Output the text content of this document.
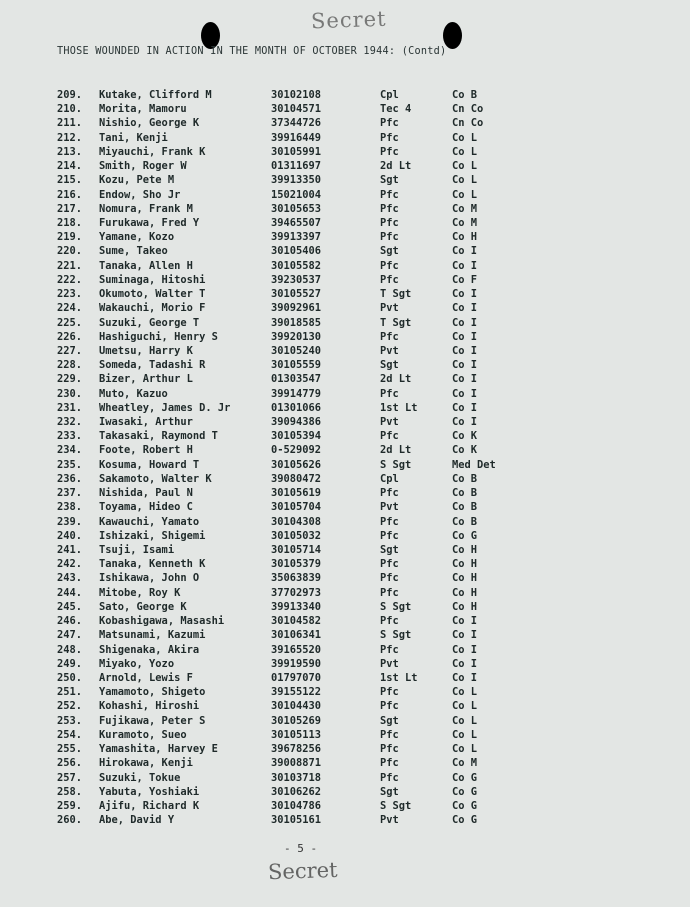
Secret
THOSE WOUNDED IN ACTION IN THE MONTH OF OCTOBER 1944: (Contd)
209. Kutake, Clifford M	30102108	Cpl	Co B
210. Morita, Mamoru	30104571	Tec 4	Cn Co
211. Nishio, George K	37344726	Pfc	Cn Co
212. Tani, Kenji	39916449	Pfc	Co L
213. Miyauchi, Frank K	30105991	Pfc	Co L
214. Smith, Roger W	01311697	2d Lt	Co L
215. Kozu, Pete M	39913350	Sgt	Co L
216. Endow, Sho Jr	15021004	Pfc	Co L
217. Nomura, Frank M	30105653	Pfc	Co M
218. Furukawa, Fred Y	39465507	Pfc	Co M
219. Yamane, Kozo	39913397	Pfc	Co H
220. Sume, Takeo	30105406	Sgt	Co I
221. Tanaka, Allen H	30105582	Pfc	Co I
222. Suminaga, Hitoshi	39230537	Pfc	Co F
223. Okumoto, Walter T	30105527	T Sgt	Co I
224. Wakauchi, Morio F	39092961	Pvt	Co I
225. Suzuki, George T	39018585	T Sgt	Co I
226. Hashiguchi, Henry S	39920130	Pfc	Co I
227. Umetsu, Harry K	30105240	Pvt	Co I
228. Someda, Tadashi R	30105559	Sgt	Co I
229. Bizer, Arthur L	01303547	2d Lt	Co I
230. Muto, Kazuo	39914779	Pfc	Co I
231. Wheatley, James D. Jr	01301066	1st Lt	Co I
232. Iwasaki, Arthur	39094386	Pvt	Co I
233. Takasaki, Raymond T	30105394	Pfc	Co K
234. Foote, Robert H	0-529092	2d Lt	Co K
235. Kosuma, Howard T	30105626	S Sgt	Med Det
236. Sakamoto, Walter K	39080472	Cpl	Co B
237. Nishida, Paul N	30105619	Pfc	Co B
238. Toyama, Hideo C	30105704	Pvt	Co B
239. Kawauchi, Yamato	30104308	Pfc	Co B
240. Ishizaki, Shigemi	30105032	Pfc	Co G
241. Tsuji, Isami	30105714	Sgt	Co H
242. Tanaka, Kenneth K	30105379	Pfc	Co H
243. Ishikawa, John O	35063839	Pfc	Co H
244. Mitobe, Roy K	37702973	Pfc	Co H
245. Sato, George K	39913340	S Sgt	Co H
246. Kobashigawa, Masashi	30104582	Pfc	Co I
247. Matsunami, Kazumi	30106341	S Sgt	Co I
248. Shigenaka, Akira	39165520	Pfc	Co I
249. Miyako, Yozo	39919590	Pvt	Co I
250. Arnold, Lewis F	01797070	1st Lt	Co I
251. Yamamoto, Shigeto	39155122	Pfc	Co L
252. Kohashi, Hiroshi	30104430	Pfc	Co L
253. Fujikawa, Peter S	30105269	Sgt	Co L
254. Kuramoto, Sueo	30105113	Pfc	Co L
255. Yamashita, Harvey E	39678256	Pfc	Co L
256. Hirokawa, Kenji	39008871	Pfc	Co M
257. Suzuki, Tokue	30103718	Pfc	Co G
258. Yabuta, Yoshiaki	30106262	Sgt	Co G
259. Ajifu, Richard K	30104786	S Sgt	Co G
260. Abe, David Y	30105161	Pvt	Co G
- 5 -
Secret
